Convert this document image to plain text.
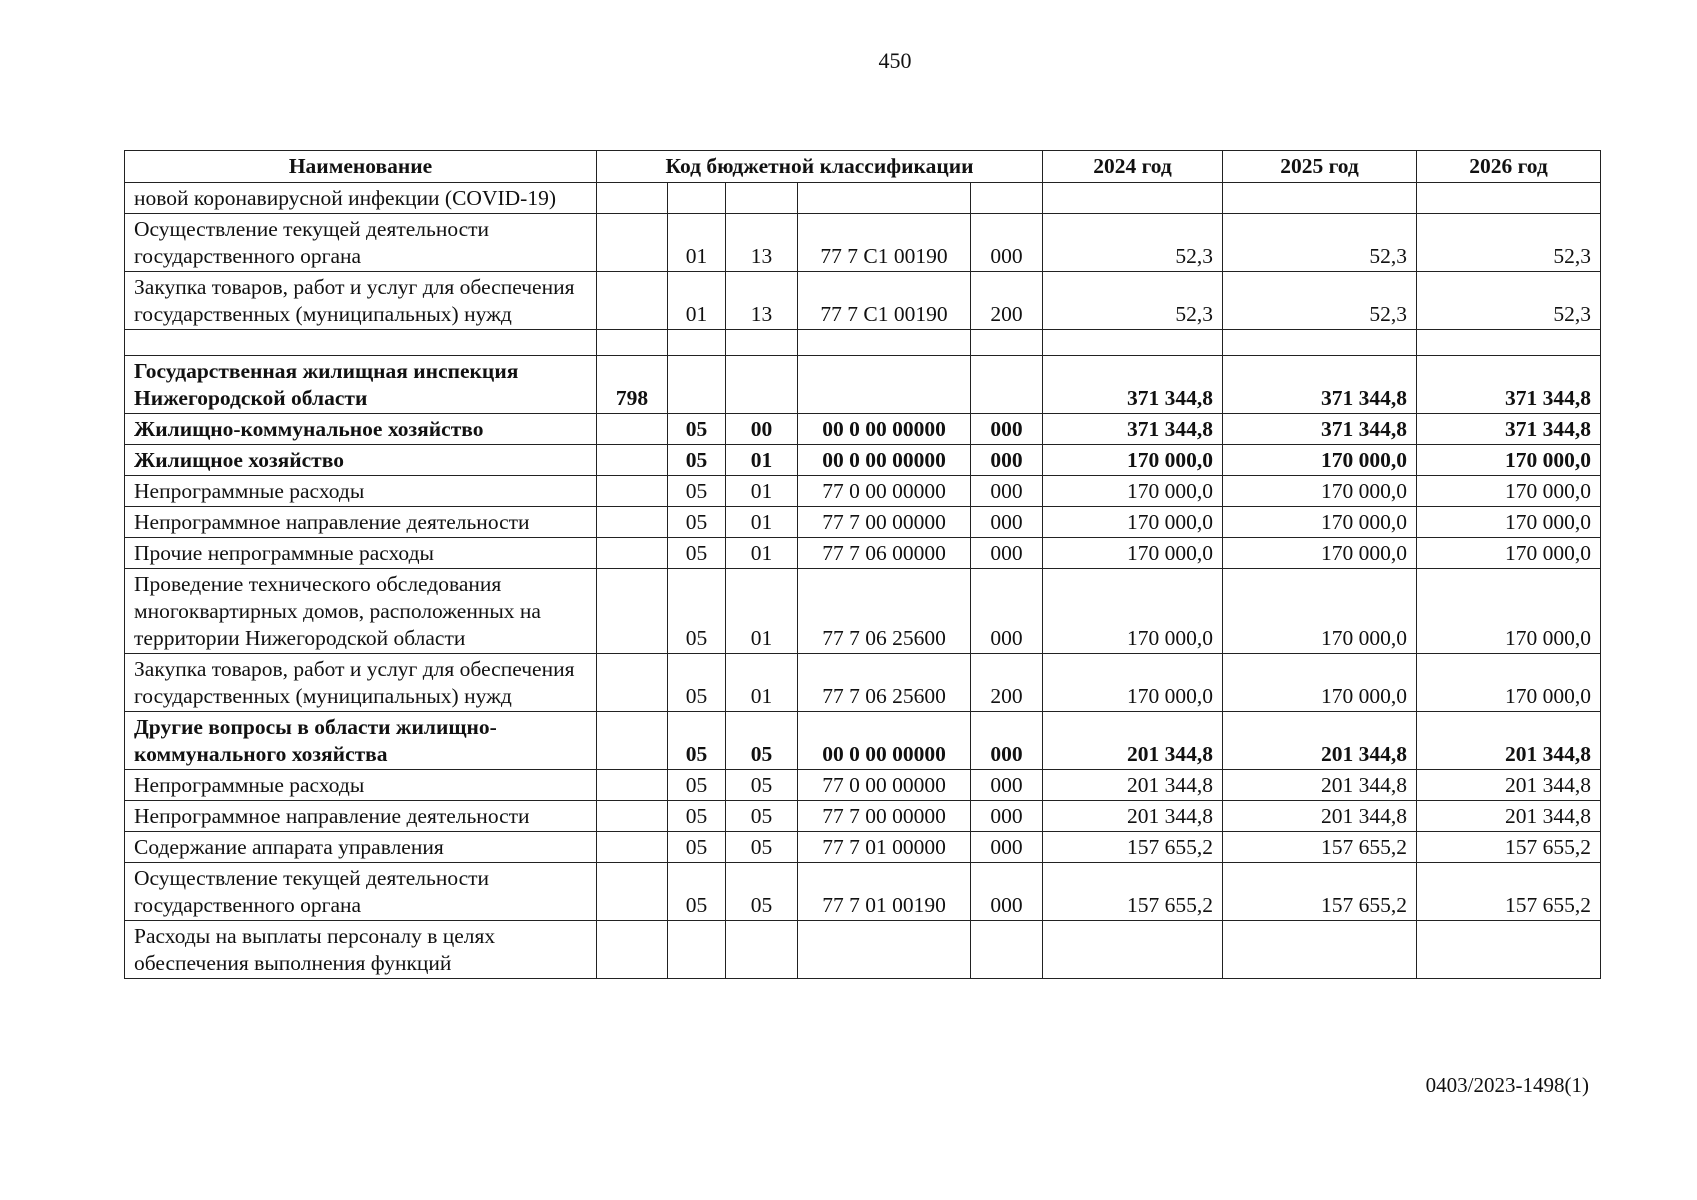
450
Наименование	Код бюджетной классификации					2024 год	2025 год	2026 год
новой коронавирусной инфекции (COVID-19)								
Осуществление текущей деятельности государственного органа		01	13	77 7 C1 00190	000	52,3	52,3	52,3
Закупка товаров, работ и услуг для обеспечения государственных (муниципальных) нужд		01	13	77 7 C1 00190	200	52,3	52,3	52,3

Государственная жилищная инспекция Нижегородской области	798					371 344,8	371 344,8	371 344,8
Жилищно-коммунальное хозяйство		05	00	00 0 00 00000	000	371 344,8	371 344,8	371 344,8
Жилищное хозяйство		05	01	00 0 00 00000	000	170 000,0	170 000,0	170 000,0
Непрограммные расходы		05	01	77 0 00 00000	000	170 000,0	170 000,0	170 000,0
Непрограммное направление деятельности		05	01	77 7 00 00000	000	170 000,0	170 000,0	170 000,0
Прочие непрограммные расходы		05	01	77 7 06 00000	000	170 000,0	170 000,0	170 000,0
Проведение технического обследования многоквартирных домов, расположенных на территории Нижегородской области		05	01	77 7 06 25600	000	170 000,0	170 000,0	170 000,0
Закупка товаров, работ и услуг для обеспечения государственных (муниципальных) нужд		05	01	77 7 06 25600	200	170 000,0	170 000,0	170 000,0
Другие вопросы в области жилищно-коммунального хозяйства		05	05	00 0 00 00000	000	201 344,8	201 344,8	201 344,8
Непрограммные расходы		05	05	77 0 00 00000	000	201 344,8	201 344,8	201 344,8
Непрограммное направление деятельности		05	05	77 7 00 00000	000	201 344,8	201 344,8	201 344,8
Содержание аппарата управления		05	05	77 7 01 00000	000	157 655,2	157 655,2	157 655,2
Осуществление текущей деятельности государственного органа		05	05	77 7 01 00190	000	157 655,2	157 655,2	157 655,2
Расходы на выплаты персоналу в целях обеспечения выполнения функций								
0403/2023-1498(1)
